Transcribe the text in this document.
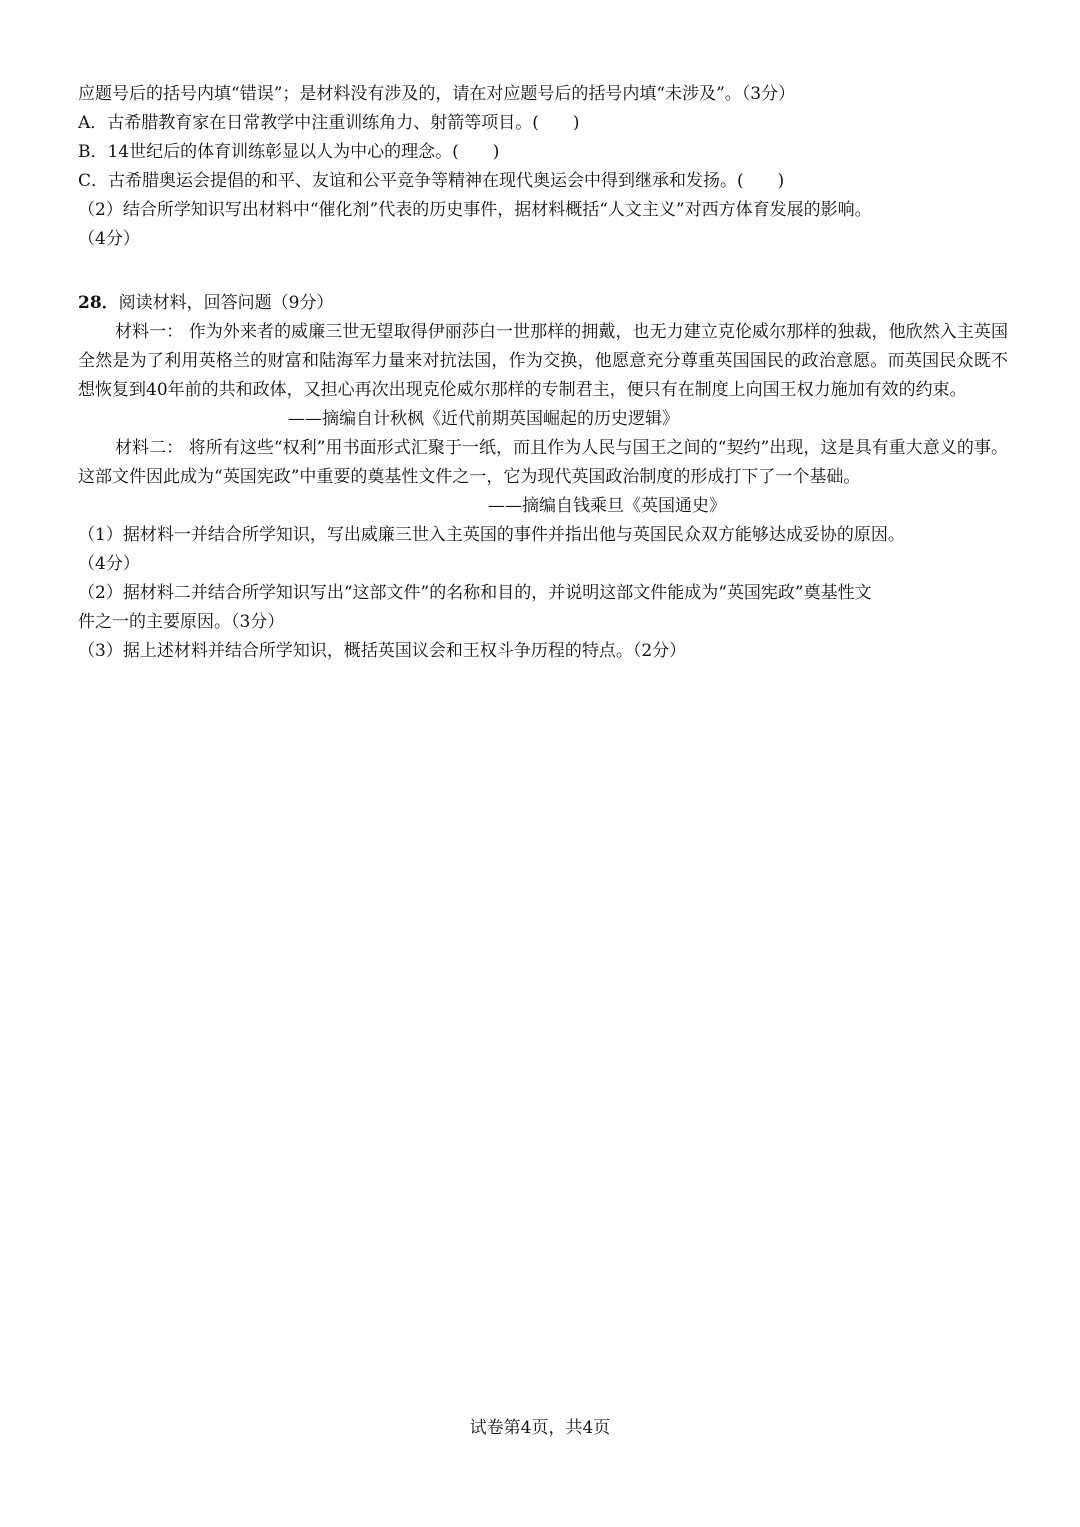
应题号后的括号内填“错误”；是材料没有涉及的，请在对应题号后的括号内填“未涉及”。（3分）
A．古希腊教育家在日常教学中注重训练角力、射箭等项目。(　　)
B．14世纪后的体育训练彰显以人为中心的理念。(　　)
C．古希腊奥运会提倡的和平、友谊和公平竞争等精神在现代奥运会中得到继承和发扬。(　　)
（2）结合所学知识写出材料中“催化剂”代表的历史事件，据材料概括“人文主义”对西方体育发展的影响。
（4分）
28．阅读材料，回答问题（9分）
材料一： 作为外来者的威廉三世无望取得伊丽莎白一世那样的拥戴，也无力建立克伦威尔那样的独裁，他欣然入主英国全然是为了利用英格兰的财富和陆海军力量来对抗法国，作为交换，他愿意充分尊重英国国民的政治意愿。而英国民众既不想恢复到40年前的共和政体，又担心再次出现克伦威尔那样的专制君主，便只有在制度上向国王权力施加有效的约束。
——摘编自计秋枫《近代前期英国崛起的历史逻辑》
材料二： 将所有这些“权利”用书面形式汇聚于一纸，而且作为人民与国王之间的“契约”出现，这是具有重大意义的事。这部文件因此成为“英国宪政”中重要的奠基性文件之一，它为现代英国政治制度的形成打下了一个基础。
——摘编自钱乘旦《英国通史》
（1）据材料一并结合所学知识，写出威廉三世入主英国的事件并指出他与英国民众双方能够达成妥协的原因。
（4分）
（2）据材料二并结合所学知识写出“这部文件”的名称和目的，并说明这部文件能成为“英国宪政”奠基性文
件之一的主要原因。（3分）
（3）据上述材料并结合所学知识，概括英国议会和王权斗争历程的特点。（2分）
试卷第4页，共4页
